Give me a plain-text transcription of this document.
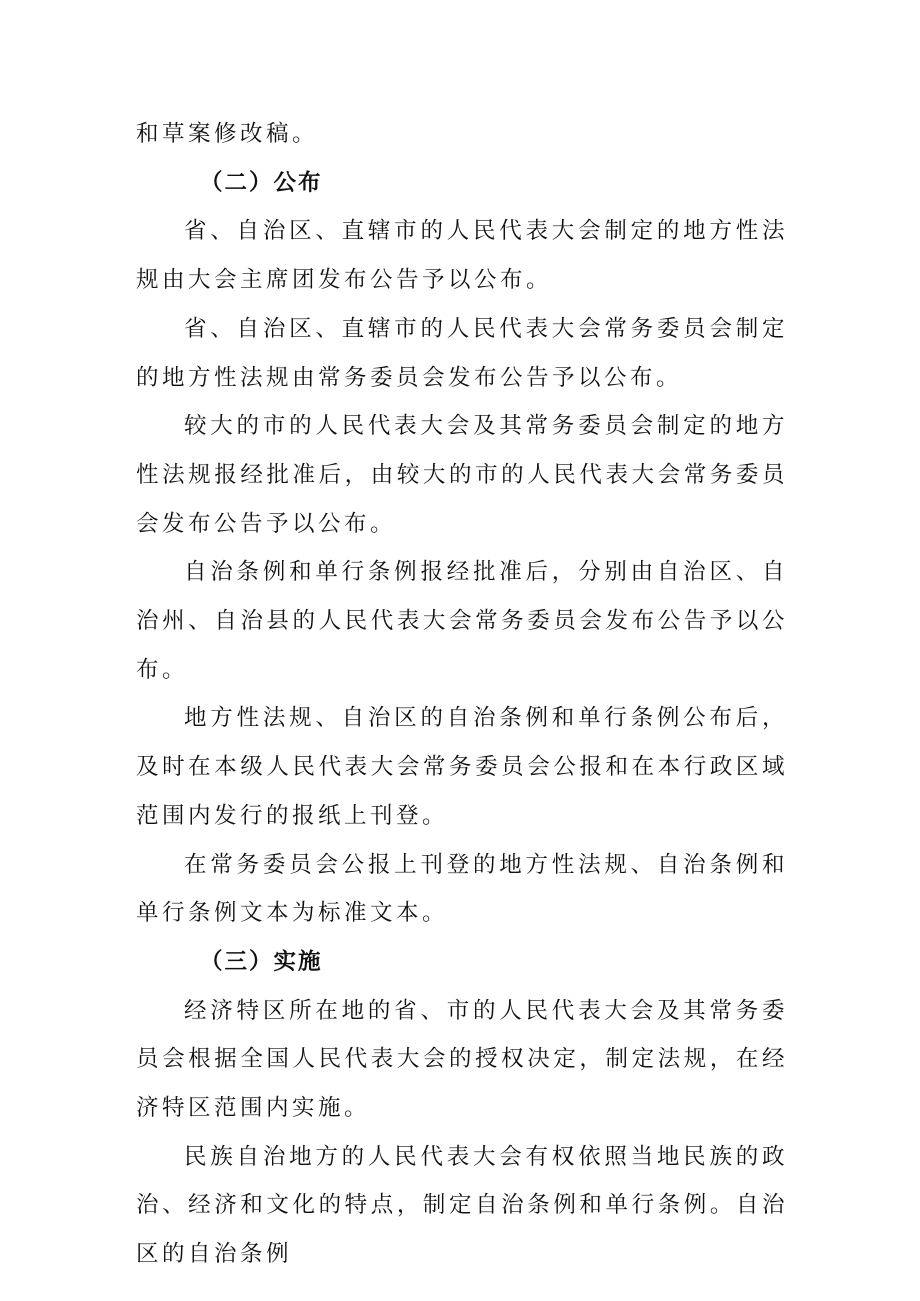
和草案修改稿。

（二）公布

省、自治区、直辖市的人民代表大会制定的地方性法规由大会主席团发布公告予以公布。

省、自治区、直辖市的人民代表大会常务委员会制定的地方性法规由常务委员会发布公告予以公布。

较大的市的人民代表大会及其常务委员会制定的地方性法规报经批准后，由较大的市的人民代表大会常务委员会发布公告予以公布。

自治条例和单行条例报经批准后，分别由自治区、自治州、自治县的人民代表大会常务委员会发布公告予以公布。

地方性法规、自治区的自治条例和单行条例公布后，及时在本级人民代表大会常务委员会公报和在本行政区域范围内发行的报纸上刊登。

在常务委员会公报上刊登的地方性法规、自治条例和单行条例文本为标准文本。

（三）实施

经济特区所在地的省、市的人民代表大会及其常务委员会根据全国人民代表大会的授权决定，制定法规，在经济特区范围内实施。

民族自治地方的人民代表大会有权依照当地民族的政治、经济和文化的特点，制定自治条例和单行条例。自治区的自治条例
